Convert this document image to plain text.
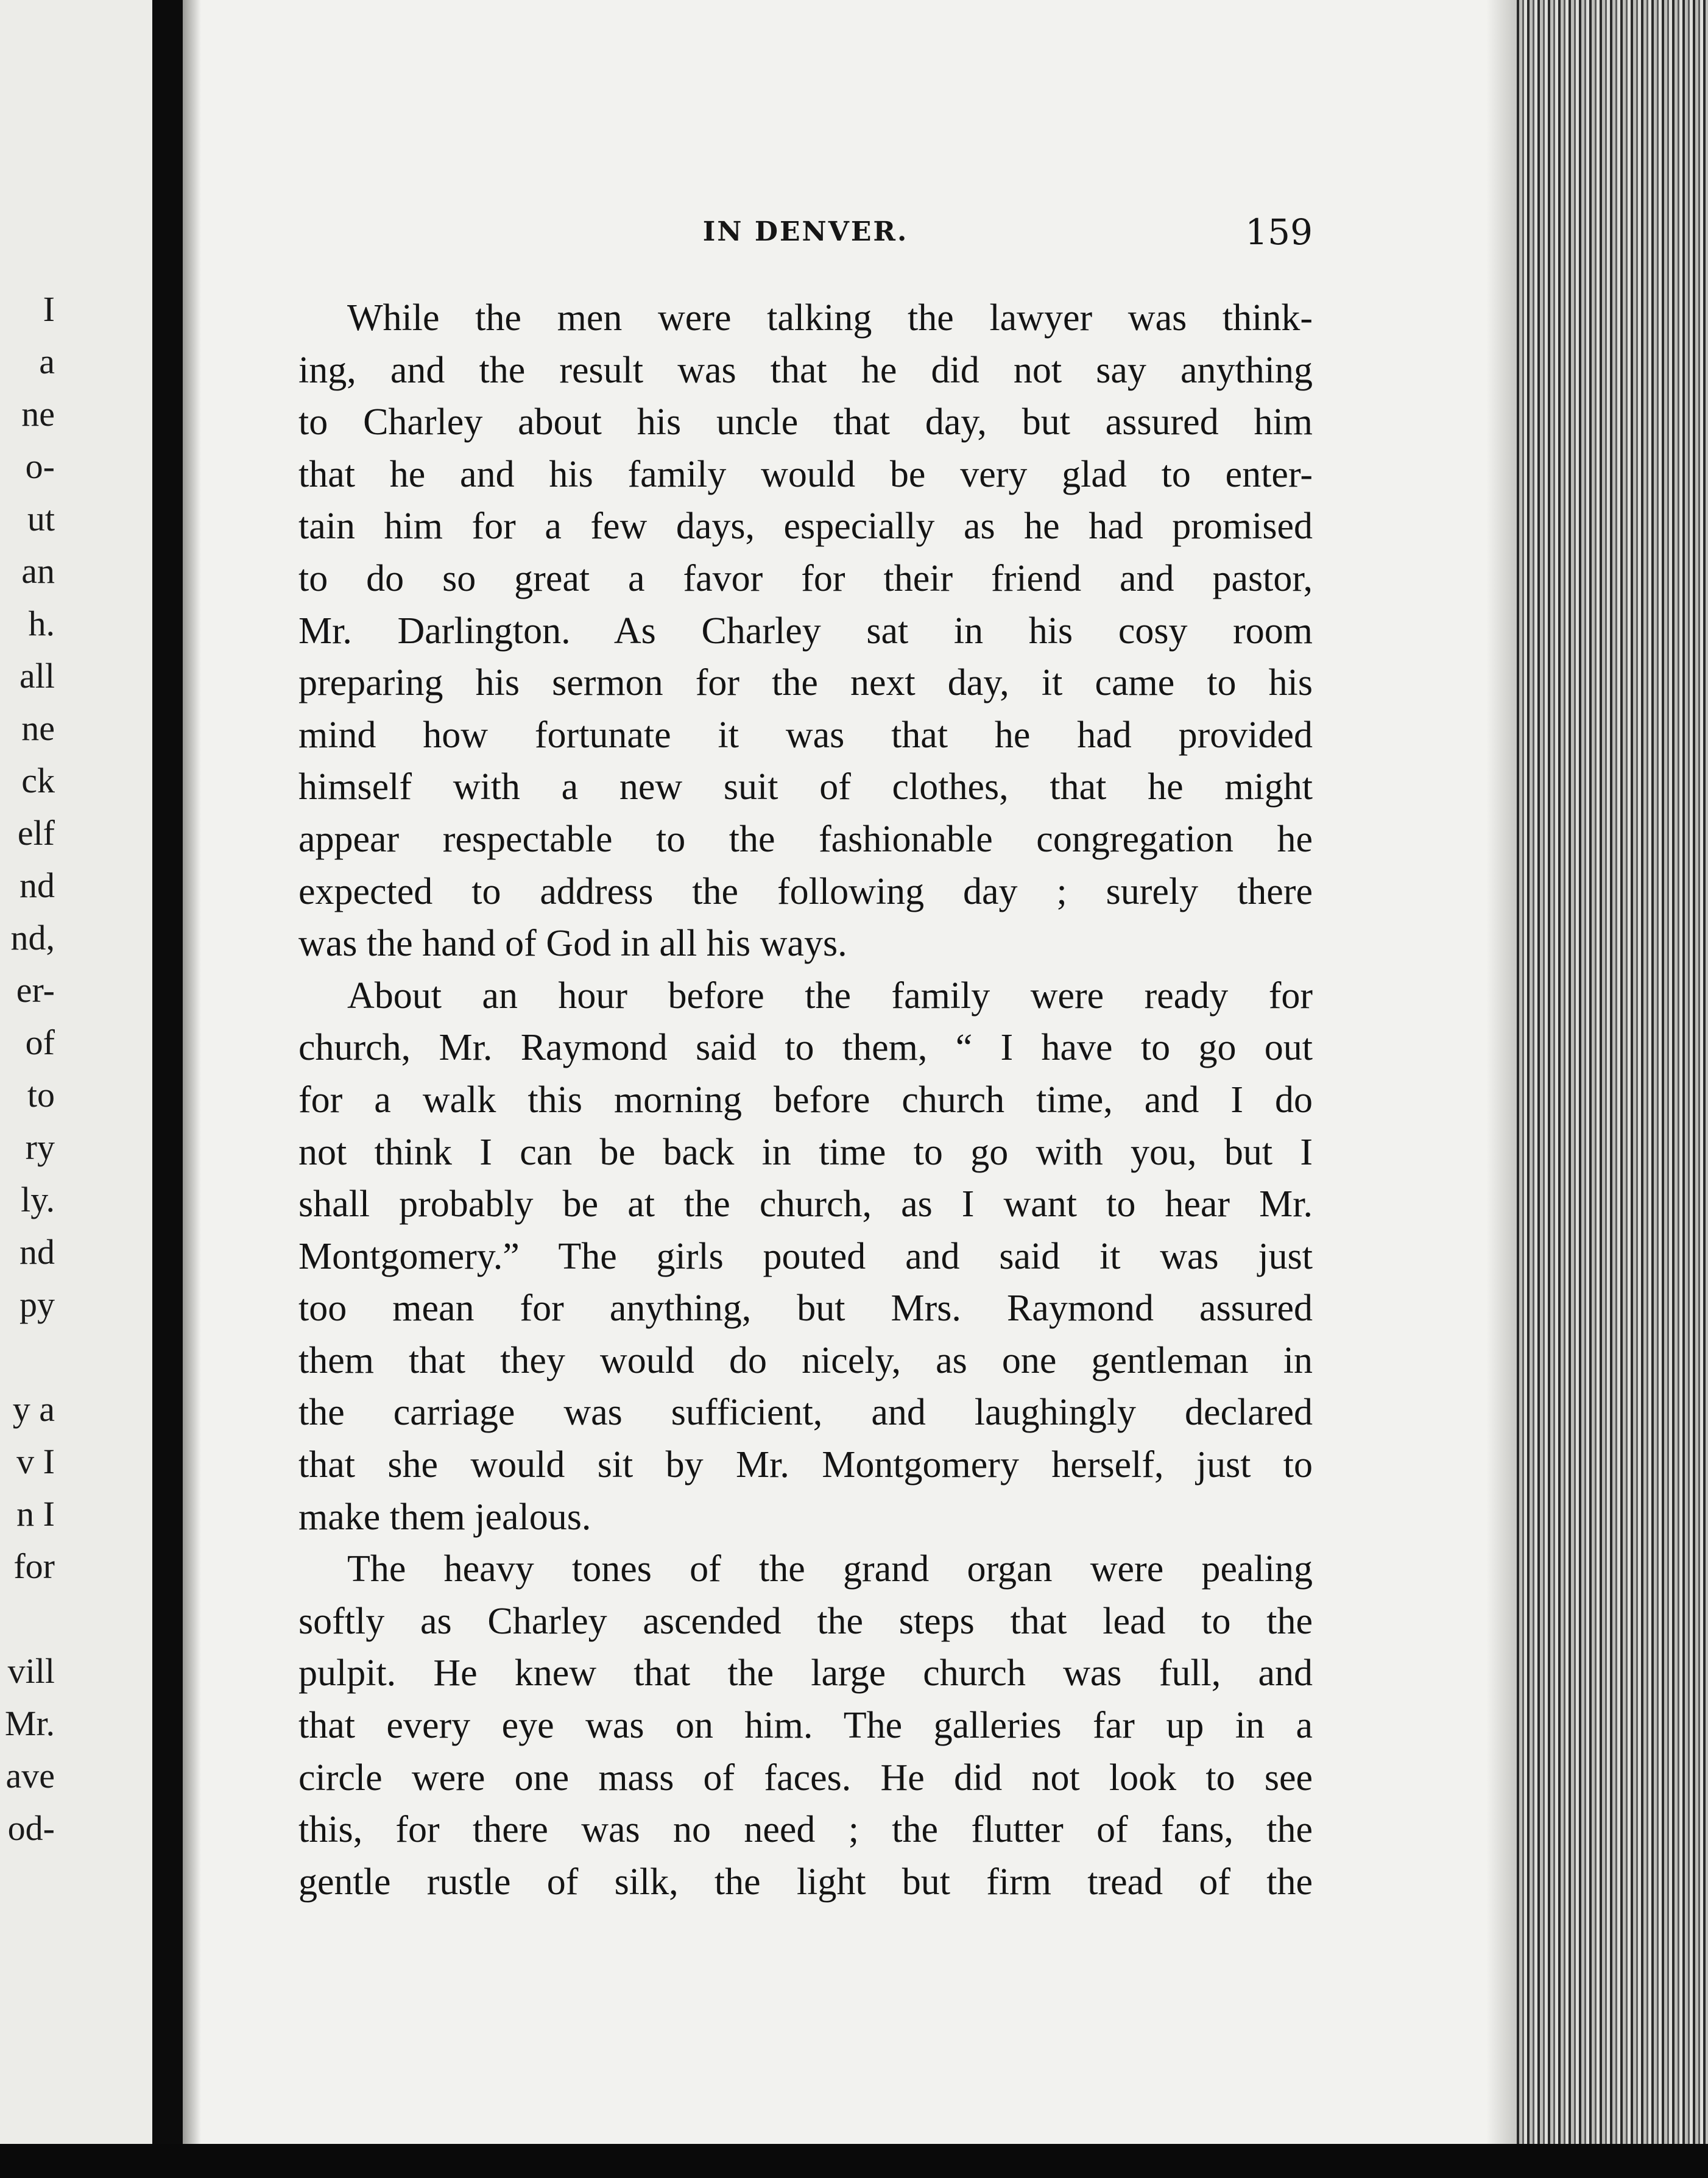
I
a
ne
o-
ut
an
h.
all
ne
ck
elf
nd
nd,
er-
of
to
ry
ly.
nd
py
y a
v I
n I
for
vill
Mr.
ave
od-
IN DENVER.	159
While the men were talking the lawyer was think-
ing, and the result was that he did not say anything
to Charley about his uncle that day, but assured him
that he and his family would be very glad to enter-
tain him for a few days, especially as he had promised
to do so great a favor for their friend and pastor,
Mr. Darlington. As Charley sat in his cosy room
preparing his sermon for the next day, it came to his
mind how fortunate it was that he had provided
himself with a new suit of clothes, that he might
appear respectable to the fashionable congregation he
expected to address the following day ; surely there
was the hand of God in all his ways.
About an hour before the family were ready for
church, Mr. Raymond said to them, “ I have to go out
for a walk this morning before church time, and I do
not think I can be back in time to go with you, but I
shall probably be at the church, as I want to hear Mr.
Montgomery.” The girls pouted and said it was just
too mean for anything, but Mrs. Raymond assured
them that they would do nicely, as one gentleman in
the carriage was sufficient, and laughingly declared
that she would sit by Mr. Montgomery herself, just to
make them jealous.
The heavy tones of the grand organ were pealing
softly as Charley ascended the steps that lead to the
pulpit. He knew that the large church was full, and
that every eye was on him. The galleries far up in a
circle were one mass of faces. He did not look to see
this, for there was no need ; the flutter of fans, the
gentle rustle of silk, the light but firm tread of the
